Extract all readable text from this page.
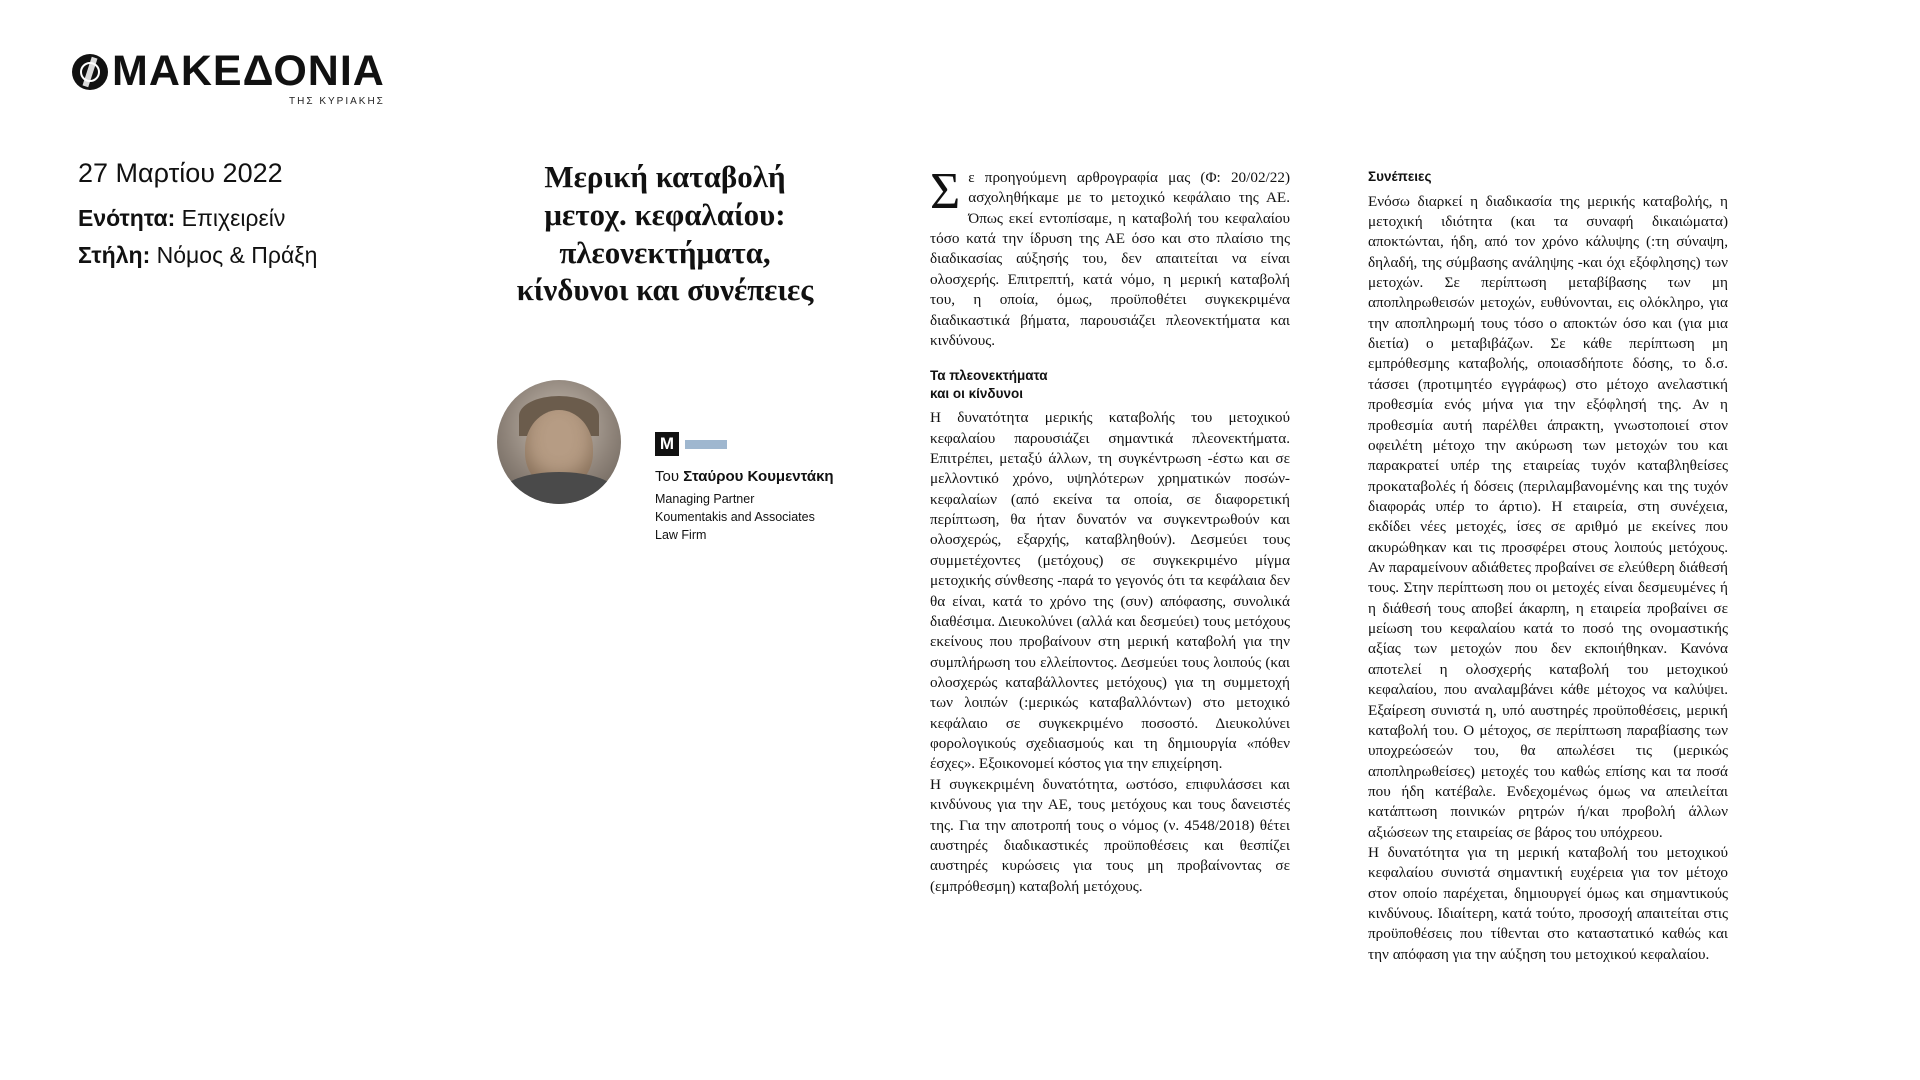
ΜΑΚΕΔΟΝΙΑ
ΤΗΣ ΚΥΡΙΑΚΗΣ
27 Μαρτίου 2022
Ενότητα: Επιχειρείν
Στήλη: Νόμος & Πράξη
Μερική καταβολή μετοχ. κεφαλαίου: πλεονεκτήματα, κίνδυνοι και συνέπειες
Μ
Του Σταύρου Κουμεντάκη
Managing Partner
Koumentakis and Associates
Law Firm

Σε προηγούμενη αρθρογραφία μας (Φ: 20/02/22) ασχοληθήκαμε με το μετοχικό κεφάλαιο της ΑΕ. Όπως εκεί εντοπίσαμε, η καταβολή του κεφαλαίου τόσο κατά την ίδρυση της ΑΕ όσο και στο πλαίσιο της διαδικασίας αύξησής του, δεν απαιτείται να είναι ολοσχερής. Επιτρεπτή, κατά νόμο, η μερική καταβολή του, η οποία, όμως, προϋποθέτει συγκεκριμένα διαδικαστικά βήματα, παρουσιάζει πλεονεκτήματα και κινδύνους.

Τα πλεονεκτήματα
και οι κίνδυνοι

Η δυνατότητα μερικής καταβολής του μετοχικού κεφαλαίου παρουσιάζει σημαντικά πλεονεκτήματα. Επιτρέπει, μεταξύ άλλων, τη συγκέντρωση -έστω και σε μελλοντικό χρόνο, υψηλότερων χρηματικών ποσών-κεφαλαίων (από εκείνα τα οποία, σε διαφορετική περίπτωση, θα ήταν δυνατόν να συγκεντρωθούν και ολοσχερώς, εξαρχής, καταβληθούν). Δεσμεύει τους συμμετέχοντες (μετόχους) σε συγκεκριμένο μίγμα μετοχικής σύνθεσης -παρά το γεγονός ότι τα κεφάλαια δεν θα είναι, κατά το χρόνο της (συν) απόφασης, συνολικά διαθέσιμα. Διευκολύνει (αλλά και δεσμεύει) τους μετόχους εκείνους που προβαίνουν στη μερική καταβολή για την συμπλήρωση του ελλείποντος. Δεσμεύει τους λοιπούς (και ολοσχερώς καταβάλλοντες μετόχους) για τη συμμετοχή των λοιπών (:μερικώς καταβαλλόντων) στο μετοχικό κεφάλαιο σε συγκεκριμένο ποσοστό. Διευκολύνει φορολογικούς σχεδιασμούς και τη δημιουργία «πόθεν έσχες». Εξοικονομεί κόστος για την επιχείρηση.

Η συγκεκριμένη δυνατότητα, ωστόσο, επιφυλάσσει και κινδύνους για την ΑΕ, τους μετόχους και τους δανειστές της. Για την αποτροπή τους ο νόμος (ν. 4548/2018) θέτει αυστηρές διαδικαστικές προϋποθέσεις και θεσπίζει αυστηρές κυρώσεις για τους μη προβαίνοντας σε (εμπρόθεσμη) καταβολή μετόχους.

Συνέπειες

Ενόσω διαρκεί η διαδικασία της μερικής καταβολής, η μετοχική ιδιότητα (και τα συναφή δικαιώματα) αποκτώνται, ήδη, από τον χρόνο κάλυψης (:τη σύναψη, δηλαδή, της σύμβασης ανάληψης -και όχι εξόφλησης) των μετοχών. Σε περίπτωση μεταβίβασης των μη αποπληρωθεισών μετοχών, ευθύνονται, εις ολόκληρο, για την αποπληρωμή τους τόσο ο αποκτών όσο και (για μια διετία) ο μεταβιβάζων. Σε κάθε περίπτωση μη εμπρόθεσμης καταβολής, οποιασδήποτε δόσης, το δ.σ. τάσσει (προτιμητέο εγγράφως) στο μέτοχο ανελαστική προθεσμία ενός μήνα για την εξόφλησή της. Αν η προθεσμία αυτή παρέλθει άπρακτη, γνωστοποιεί στον οφειλέτη μέτοχο την ακύρωση των μετοχών του και παρακρατεί υπέρ της εταιρείας τυχόν καταβληθείσες προκαταβολές ή δόσεις (περιλαμβανομένης και της τυχόν διαφοράς υπέρ το άρτιο). Η εταιρεία, στη συνέχεια, εκδίδει νέες μετοχές, ίσες σε αριθμό με εκείνες που ακυρώθηκαν και τις προσφέρει στους λοιπούς μετόχους. Αν παραμείνουν αδιάθετες προβαίνει σε ελεύθερη διάθεσή τους. Στην περίπτωση που οι μετοχές είναι δεσμευμένες ή η διάθεσή τους αποβεί άκαρπη, η εταιρεία προβαίνει σε μείωση του κεφαλαίου κατά το ποσό της ονομαστικής αξίας των μετοχών που δεν εκποιήθηκαν. Κανόνα αποτελεί η ολοσχερής καταβολή του μετοχικού κεφαλαίου, που αναλαμβάνει κάθε μέτοχος να καλύψει. Εξαίρεση συνιστά η, υπό αυστηρές προϋποθέσεις, μερική καταβολή του. Ο μέτοχος, σε περίπτωση παραβίασης των υποχρεώσεών του, θα απωλέσει τις (μερικώς αποπληρωθείσες) μετοχές του καθώς επίσης και τα ποσά που ήδη κατέβαλε. Ενδεχομένως όμως να απειλείται κατάπτωση ποινικών ρητρών ή/και προβολή άλλων αξιώσεων της εταιρείας σε βάρος του υπόχρεου.

Η δυνατότητα για τη μερική καταβολή του μετοχικού κεφαλαίου συνιστά σημαντική ευχέρεια για τον μέτοχο στον οποίο παρέχεται, δημιουργεί όμως και σημαντικούς κινδύνους. Ιδιαίτερη, κατά τούτο, προσοχή απαιτείται στις προϋποθέσεις που τίθενται στο καταστατικό καθώς και την απόφαση για την αύξηση του μετοχικού κεφαλαίου.
